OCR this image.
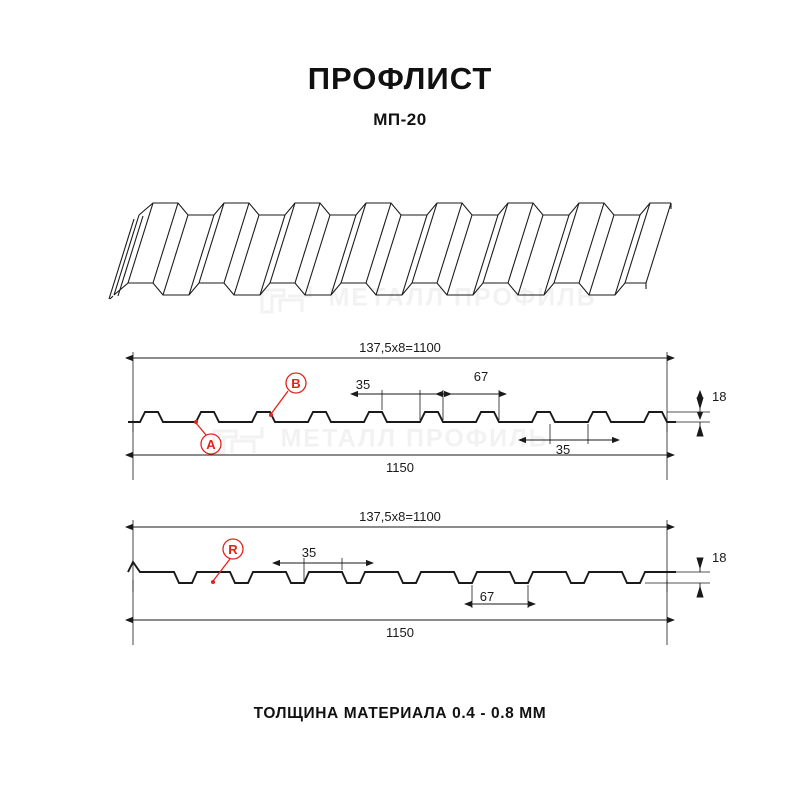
ПРОФЛИСТ
МП-20
МЕТАЛЛ ПРОФИЛЬ
МЕТАЛЛ ПРОФИЛЬ
137,5х8=1100
1150
18
35
67
35
B
A
137,5х8=1100
1150
18
35
67
R
ТОЛЩИНА МАТЕРИАЛА 0.4 - 0.8 ММ
